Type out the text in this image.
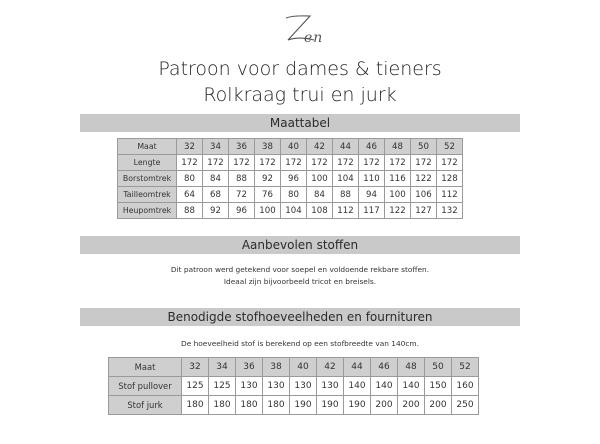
en
Patroon voor dames & tieners
Rolkraag trui en jurk
Maattabel
Maat	32	34	36	38	40	42	44	46	48	50	52
Lengte	172	172	172	172	172	172	172	172	172	172	172
Borstomtrek	80	84	88	92	96	100	104	110	116	122	128
Tailleomtrek	64	68	72	76	80	84	88	94	100	106	112
Heupomtrek	88	92	96	100	104	108	112	117	122	127	132
Aanbevolen stoffen
Dit patroon werd getekend voor soepel en voldoende rekbare stoffen.
Ideaal zijn bijvoorbeeld tricot en breisels.
Benodigde stofhoeveelheden en fournituren
De hoeveelheid stof is berekend op een stofbreedte van 140cm.
Maat	32	34	36	38	40	42	44	46	48	50	52
Stof pullover	125	125	130	130	130	130	140	140	140	150	160
Stof jurk	180	180	180	180	190	190	190	200	200	200	250
